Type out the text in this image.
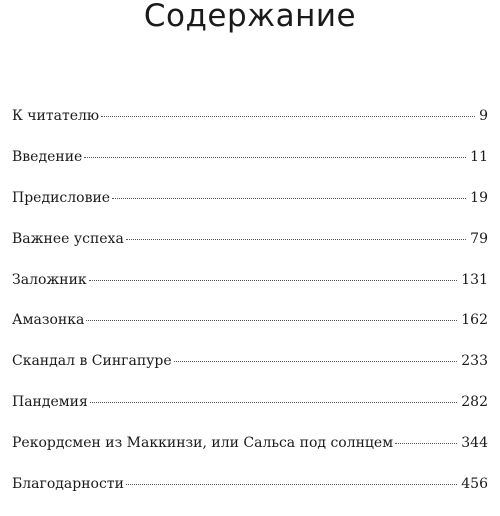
Содержание
К читателю	9
Введение	11
Предисловие	19
Важнее успеха	79
Заложник	131
Амазонка	162
Скандал в Сингапуре	233
Пандемия	282
Рекордсмен из Маккинзи, или Сальса под солнцем	344
Благодарности	456
